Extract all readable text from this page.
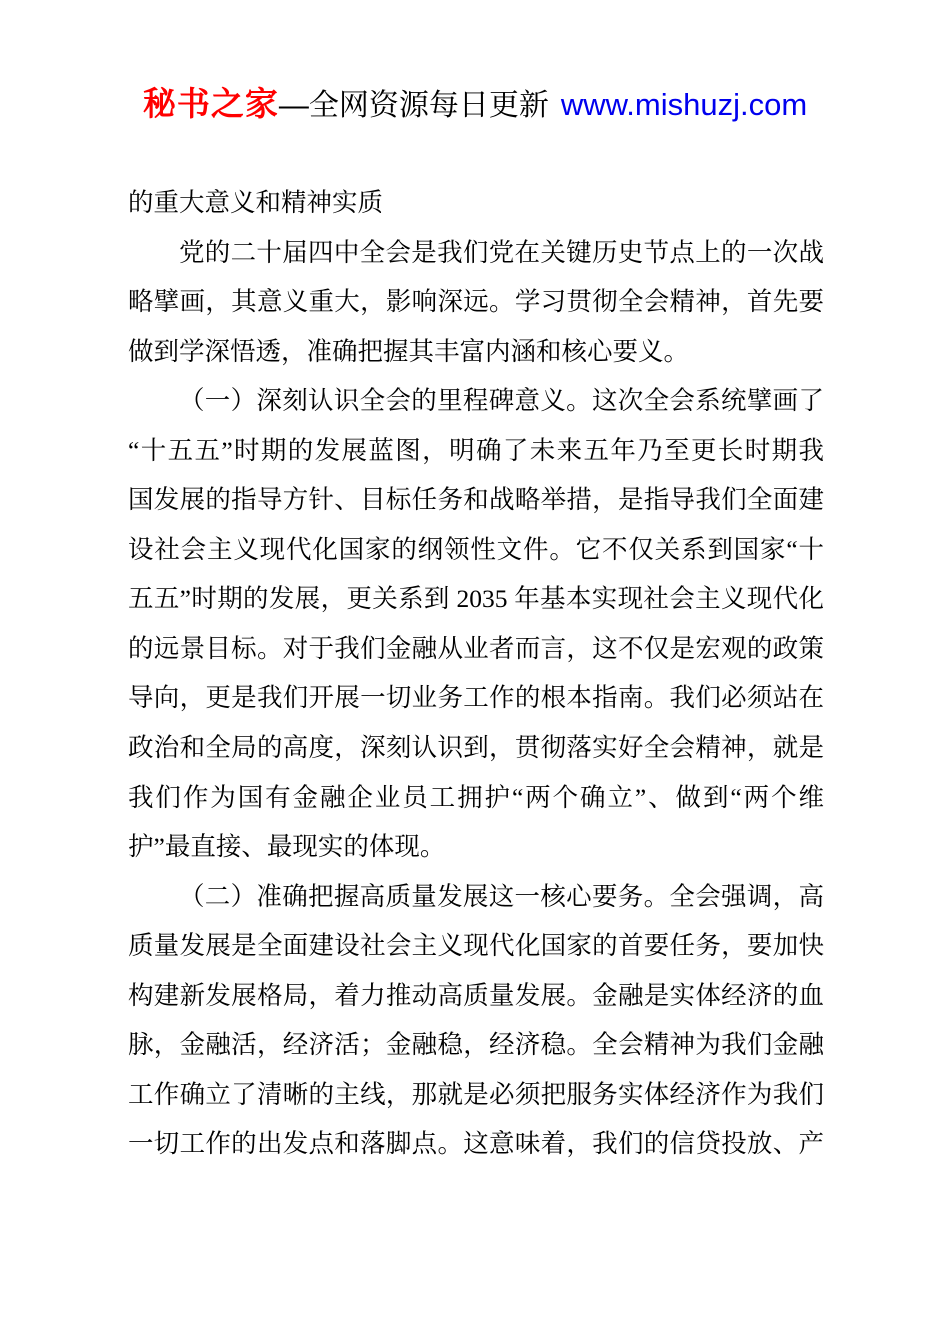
秘书之家—全网资源每日更新 www.mishuzj.com
的重大意义和精神实质
党的二十届四中全会是我们党在关键历史节点上的一次战
略擘画，其意义重大，影响深远。学习贯彻全会精神，首先要
做到学深悟透，准确把握其丰富内涵和核心要义。
（一）深刻认识全会的里程碑意义。这次全会系统擘画了
“十五五”时期的发展蓝图，明确了未来五年乃至更长时期我
国发展的指导方针、目标任务和战略举措，是指导我们全面建
设社会主义现代化国家的纲领性文件。它不仅关系到国家“十
五五”时期的发展，更关系到 2035 年基本实现社会主义现代化
的远景目标。对于我们金融从业者而言，这不仅是宏观的政策
导向，更是我们开展一切业务工作的根本指南。我们必须站在
政治和全局的高度，深刻认识到，贯彻落实好全会精神，就是
我们作为国有金融企业员工拥护“两个确立”、做到“两个维
护”最直接、最现实的体现。
（二）准确把握高质量发展这一核心要务。全会强调，高
质量发展是全面建设社会主义现代化国家的首要任务，要加快
构建新发展格局，着力推动高质量发展。金融是实体经济的血
脉，金融活，经济活；金融稳，经济稳。全会精神为我们金融
工作确立了清晰的主线，那就是必须把服务实体经济作为我们
一切工作的出发点和落脚点。这意味着，我们的信贷投放、产
